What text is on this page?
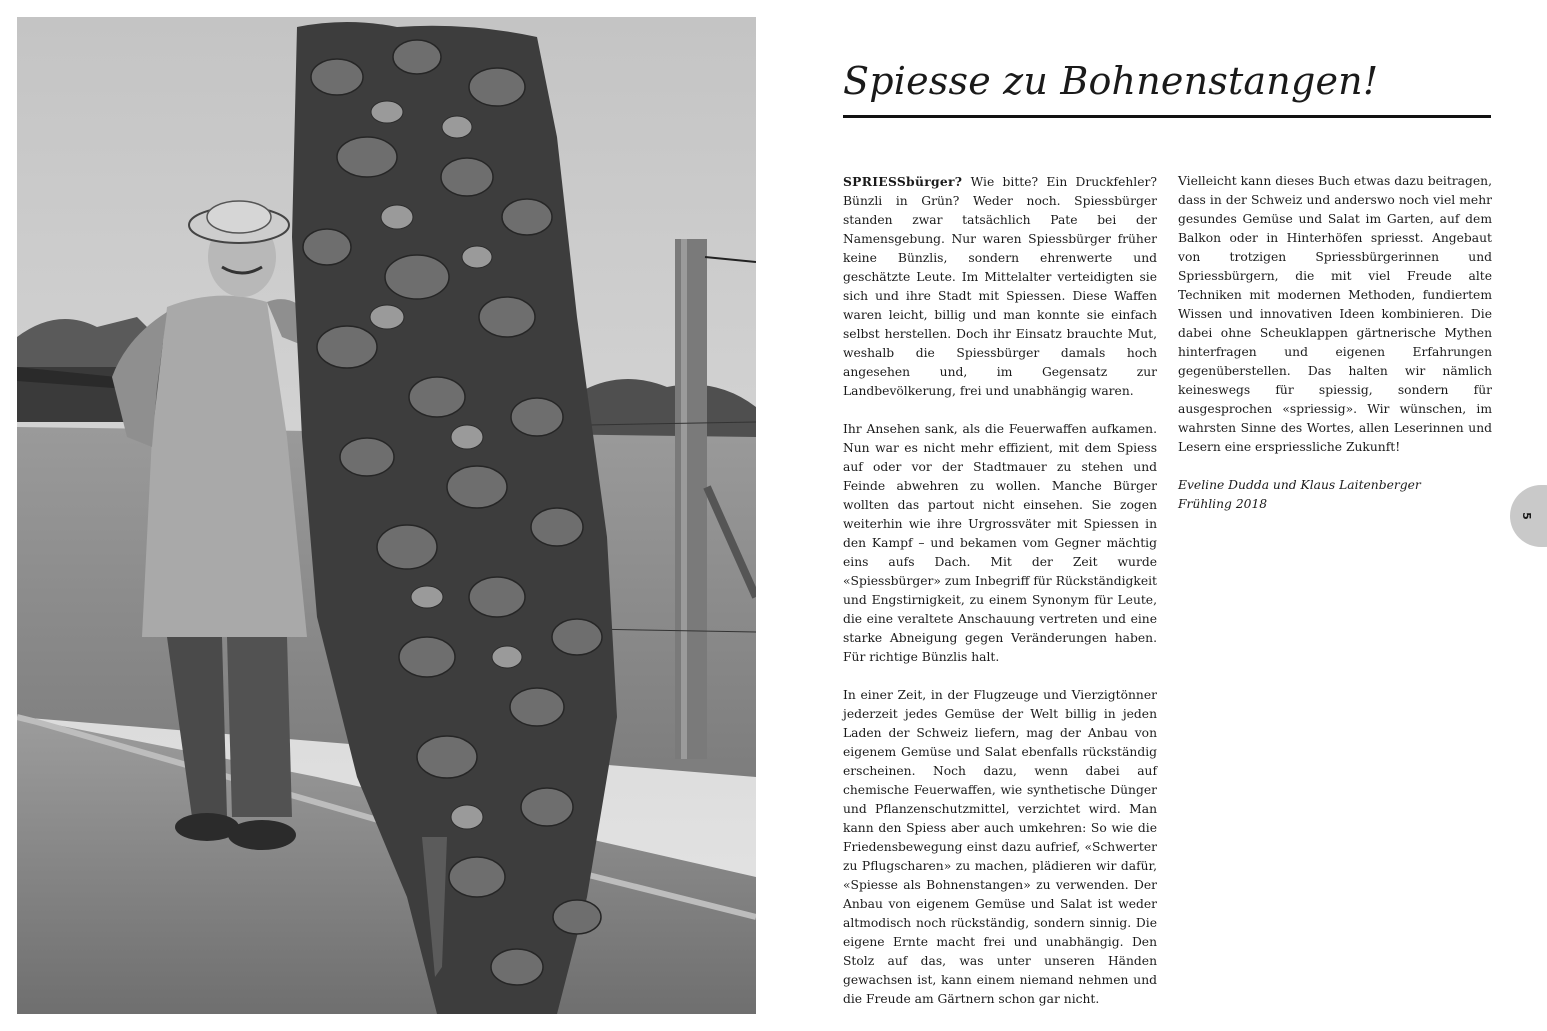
Spiesse zu Bohnenstangen!

SPRIESSbürger? Wie bitte? Ein Druckfehler? Bünzli in Grün? Weder noch. Spiessbürger standen zwar tatsächlich Pate bei der Namensgebung. Nur waren Spiessbürger früher keine Bünzlis, sondern ehrenwerte und geschätzte Leute. Im Mittelalter verteidigten sie sich und ihre Stadt mit Spiessen. Diese Waffen waren leicht, billig und man konnte sie einfach selbst herstellen. Doch ihr Einsatz brauchte Mut, weshalb die Spiessbürger damals hoch angesehen und, im Gegensatz zur Landbevölkerung, frei und unabhängig waren.

Ihr Ansehen sank, als die Feuerwaffen aufkamen. Nun war es nicht mehr effizient, mit dem Spiess auf oder vor der Stadtmauer zu stehen und Feinde abwehren zu wollen. Manche Bürger wollten das partout nicht einsehen. Sie zogen weiterhin wie ihre Urgrossväter mit Spiessen in den Kampf – und bekamen vom Gegner mächtig eins aufs Dach. Mit der Zeit wurde «Spiessbürger» zum Inbegriff für Rückständigkeit und Engstirnigkeit, zu einem Synonym für Leute, die eine veraltete Anschauung vertreten und eine starke Abneigung gegen Veränderungen haben. Für richtige Bünzlis halt.

In einer Zeit, in der Flugzeuge und Vierzigtönner jederzeit jedes Gemüse der Welt billig in jeden Laden der Schweiz liefern, mag der Anbau von eigenem Gemüse und Salat ebenfalls rückständig erscheinen. Noch dazu, wenn dabei auf chemische Feuerwaffen, wie synthetische Dünger und Pflanzenschutzmittel, verzichtet wird. Man kann den Spiess aber auch umkehren: So wie die Friedensbewegung einst dazu aufrief, «Schwerter zu Pflugscharen» zu machen, plädieren wir dafür, «Spiesse als Bohnenstangen» zu verwenden. Der Anbau von eigenem Gemüse und Salat ist weder altmodisch noch rückständig, sondern sinnig. Die eigene Ernte macht frei und unabhängig. Den Stolz auf das, was unter unseren Händen gewachsen ist, kann einem niemand nehmen und die Freude am Gärtnern schon gar nicht.

Vielleicht kann dieses Buch etwas dazu beitragen, dass in der Schweiz und anderswo noch viel mehr gesundes Gemüse und Salat im Garten, auf dem Balkon oder in Hinterhöfen spriesst. Angebaut von trotzigen Spriessbürgerinnen und Spriessbürgern, die mit viel Freude alte Techniken mit modernen Methoden, fundiertem Wissen und innovativen Ideen kombinieren. Die dabei ohne Scheuklappen gärtnerische Mythen hinterfragen und eigenen Erfahrungen gegenüberstellen. Das halten wir nämlich keineswegs für spiessig, sondern für ausgesprochen «spriessig». Wir wünschen, im wahrsten Sinne des Wortes, allen Leserinnen und Lesern eine erspriessliche Zukunft!

Eveline Dudda und Klaus Laitenberger
Frühling 2018
5
